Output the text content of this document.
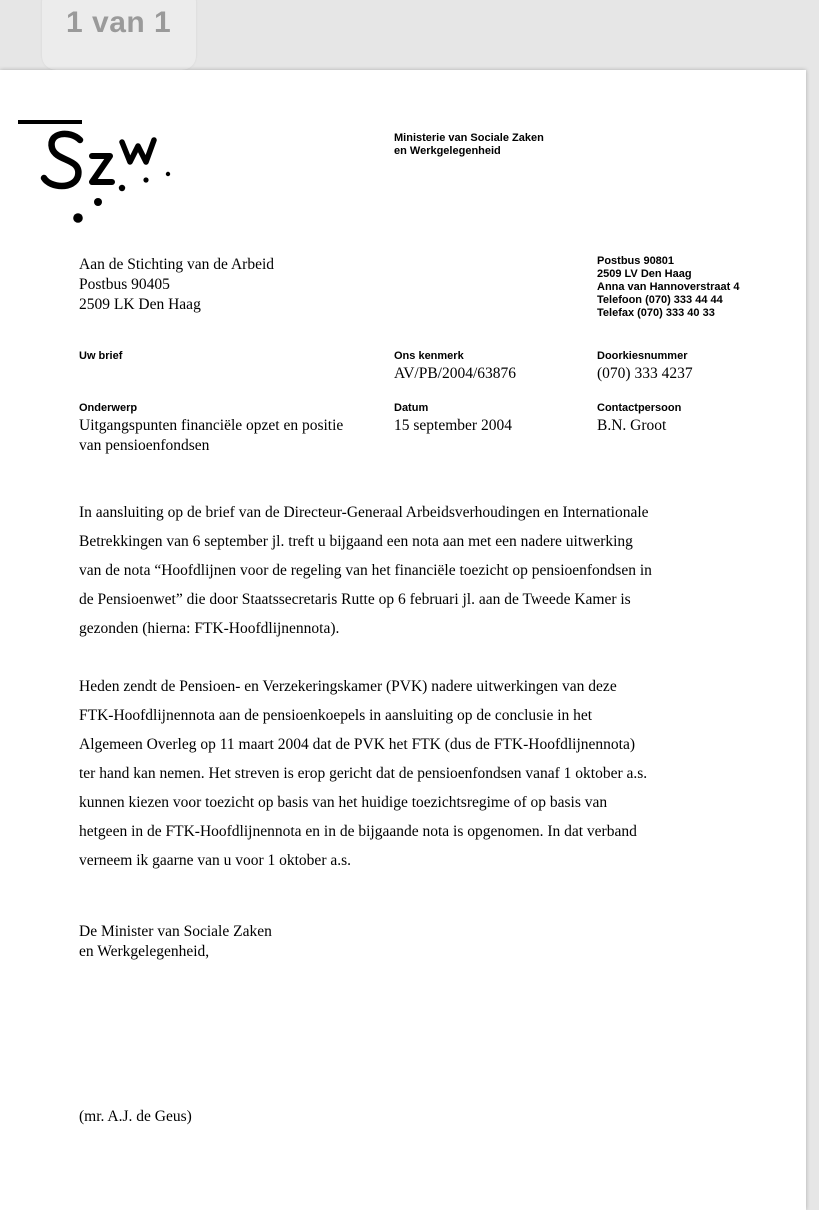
1 van 1
Ministerie van Sociale Zaken
en Werkgelegenheid
Aan de Stichting van de Arbeid
Postbus 90405
2509 LK Den Haag
Postbus 90801
2509 LV Den Haag
Anna van Hannoverstraat 4
Telefoon (070) 333 44 44
Telefax (070) 333 40 33
Uw brief	Ons kenmerk
AV/PB/2004/63876
Doorkiesnummer
(070) 333 4237
Onderwerp
Uitgangspunten financiële opzet en positie
van pensioenfondsen
Datum
15 september 2004
Contactpersoon
B.N. Groot
In aansluiting op de brief van de Directeur-Generaal Arbeidsverhoudingen en Internationale
Betrekkingen van 6 september jl. treft u bijgaand een nota aan met een nadere uitwerking
van de nota “Hoofdlijnen voor de regeling van het financiële toezicht op pensioenfondsen in
de Pensioenwet” die door Staatssecretaris Rutte op 6 februari jl. aan de Tweede Kamer is
gezonden (hierna: FTK-Hoofdlijnennota).
Heden zendt de Pensioen- en Verzekeringskamer (PVK) nadere uitwerkingen van deze
FTK-Hoofdlijnennota aan de pensioenkoepels in aansluiting op de conclusie in het
Algemeen Overleg op 11 maart 2004 dat de PVK het FTK (dus de FTK-Hoofdlijnennota)
ter hand kan nemen. Het streven is erop gericht dat de pensioenfondsen vanaf 1 oktober a.s.
kunnen kiezen voor toezicht op basis van het huidige toezichtsregime of op basis van
hetgeen in de FTK-Hoofdlijnennota en in de bijgaande nota is opgenomen. In dat verband
verneem ik gaarne van u voor 1 oktober a.s.
De Minister van Sociale Zaken
en Werkgelegenheid,
(mr. A.J. de Geus)
